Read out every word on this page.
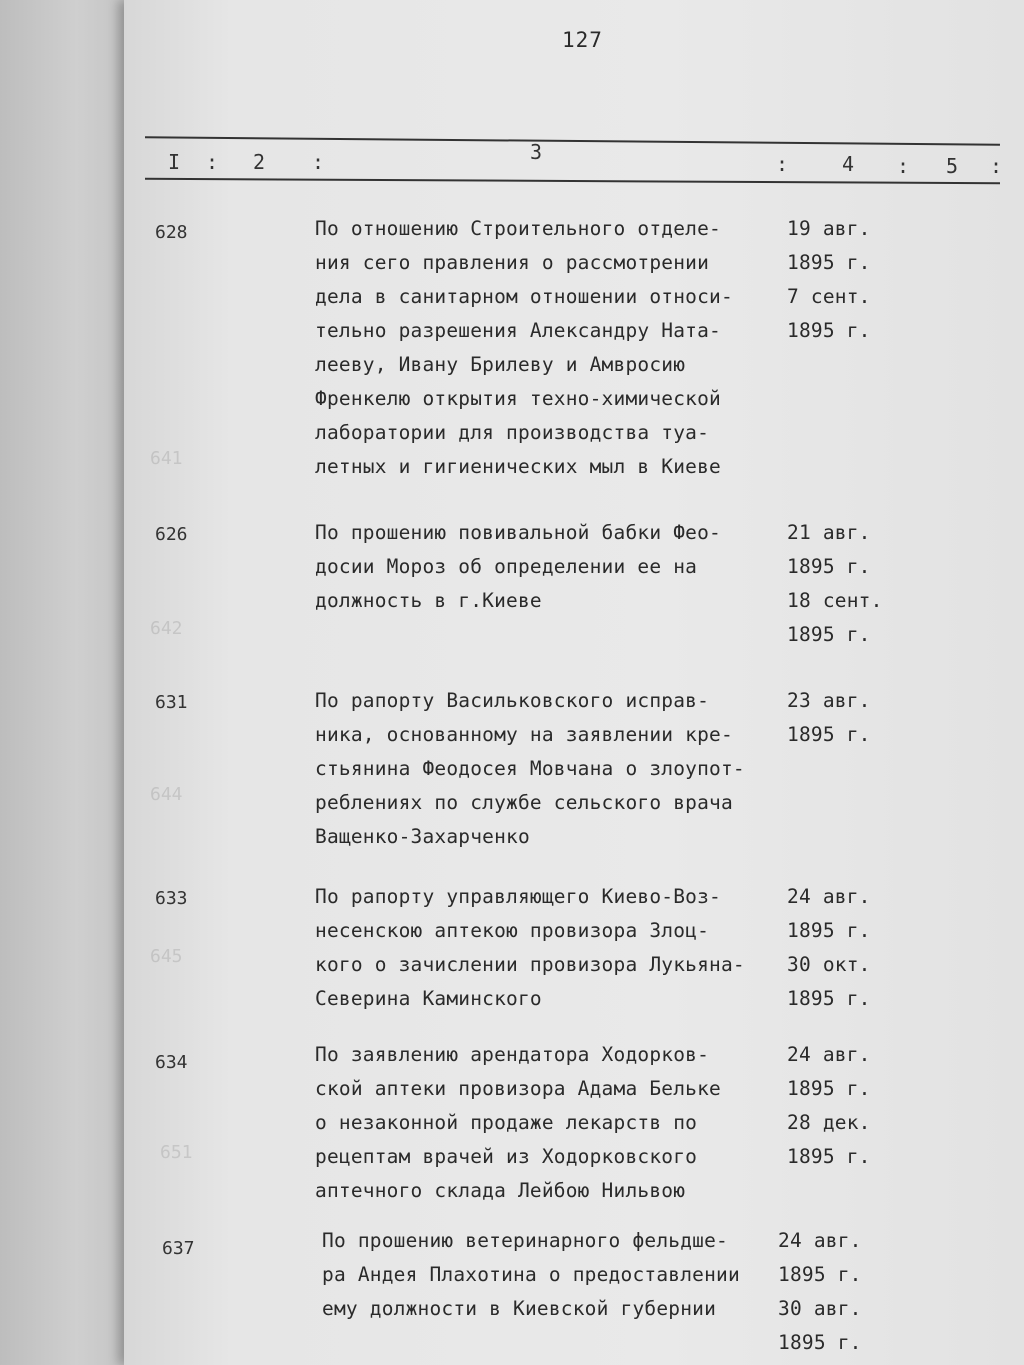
127
I : 2 :	3	:	4 : 5 :
641
642
644
645
651
628	По отношению Строительного отделе-
ния сего правления о рассмотрении
дела в санитарном отношении относи-
тельно разрешения Александру Ната-
лееву, Ивану Брилеву и Амвросию
Френкелю открытия техно-химической
лаборатории для производства туа-
летных и гигиенических мыл в Киеве
19 авг.
1895 г.
7 сент.
1895 г.
626	По прошению повивальной бабки Фео-
досии Мороз об определении ее на
должность в г.Киеве
21 авг.
1895 г.
18 сент.
1895 г.
631	По рапорту Васильковского исправ-
ника, основанному на заявлении кре-
стьянина Феодосея Мовчана о злоупот-
реблениях по службе сельского врача
Ващенко-Захарченко
23 авг.
1895 г.
633	По рапорту управляющего Киево-Воз-
несенскою аптекою провизора Злоц-
кого о зачислении провизора Лукьяна-
Северина Каминского
24 авг.
1895 г.
30 окт.
1895 г.
634	По заявлению арендатора Ходорков-
ской аптеки провизора Адама Бельке
о незаконной продаже лекарств по
рецептам врачей из Ходорковского
аптечного склада Лейбою Нильвою
24 авг.
1895 г.
28 дек.
1895 г.
637	По прошению ветеринарного фельдше-
ра Андея Плахотина о предоставлении
ему должности в Киевской губернии
24 авг.
1895 г.
30 авг.
1895 г.
